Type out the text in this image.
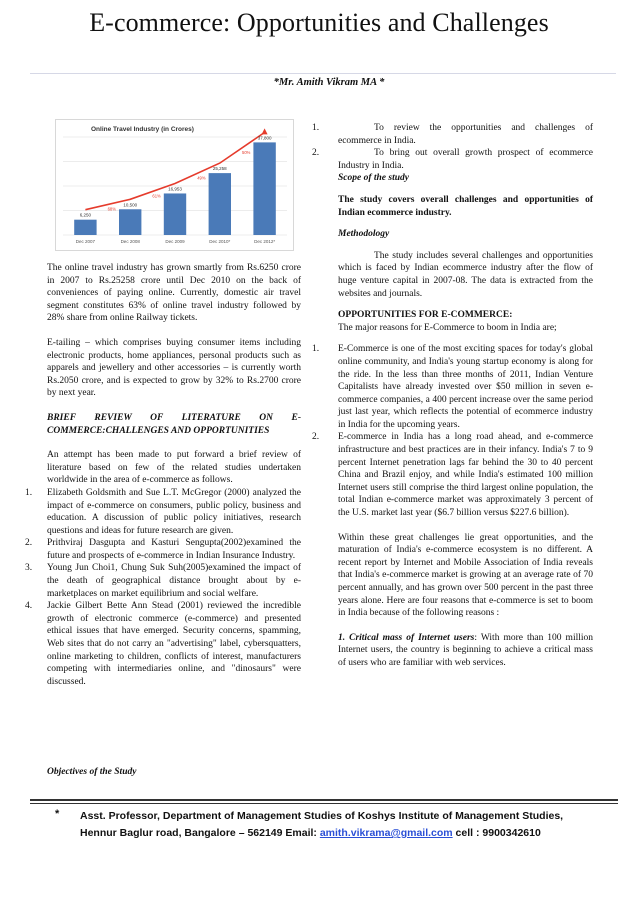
E-commerce: Opportunities and Challenges
*Mr. Amith Vikram MA *
Online Travel Industry (in Crores)
6,250
Dec 2007
10,500
Dec 2008
16,953
Dec 2009
25,258
Dec 2010*
37,800
Dec 2012*
68%
61%
49%
50%

The online travel industry has grown smartly from Rs.6250 crore in 2007 to Rs.25258 crore until Dec 2010 on the back of conveniences of paying online. Currently, domestic air travel segment constitutes 63% of online travel industry followed by 28% share from online Railway tickets.

E-tailing – which comprises buying consumer items including electronic products, home appliances, personal products such as apparels and jewellery and other accessories – is currently worth Rs.2050 crore, and is expected to grow by 32% to Rs.2700 crore by next year.

BRIEF REVIEW OF LITERATURE ON E-COMMERCE:CHALLENGES AND OPPORTUNITIES

An attempt has been made to put forward a brief review of literature based on few of the related studies undertaken worldwide in the area of e-commerce as follows.

1. Elizabeth Goldsmith and Sue L.T. McGregor (2000) analyzed the impact of e-commerce on consumers, public policy, business and education. A discussion of public policy initiatives, research questions and ideas for future research are given.
2. Prithviraj Dasgupta and Kasturi Sengupta(2002)examined the future and prospects of e-commerce in Indian Insurance Industry.
3. Young Jun Choi1, Chung Suk Suh(2005)examined the impact of the death of geographical distance brought about by e-marketplaces on market equilibrium and social welfare.
4. Jackie Gilbert Bette Ann Stead (2001) reviewed the incredible growth of electronic commerce (e-commerce) and presented ethical issues that have emerged. Security concerns, spamming, Web sites that do not carry an "advertising" label, cybersquatters, online marketing to children, conflicts of interest, manufacturers competing with intermediaries online, and "dinosaurs" were discussed.
Objectives of the Study
1.	To review the opportunities and challenges of ecommerce in India.
2.	To bring out overall growth prospect of ecommerce Industry in India.

Scope of the study

The study covers overall challenges and opportunities of Indian ecommerce industry.

Methodology

The study includes several challenges and opportunities which is faced by Indian ecommerce industry after the flow of huge venture capital in 2007-08. The data is extracted from the websites and journals.

OPPORTUNITIES FOR E-COMMERCE:

The major reasons for E-Commerce to boom in India are;

1. E-Commerce is one of the most exciting spaces for today's global online community, and India's young startup economy is along for the ride. In the less than three months of 2011, Indian Venture Capitalists have already invested over $50 million in seven e-commerce companies, a 400 percent increase over the same period just last year, which reflects the potential of ecommerce industry in India for the upcoming years.
2. E-commerce in India has a long road ahead, and e-commerce infrastructure and best practices are in their infancy. India's 7 to 9 percent Internet penetration lags far behind the 30 to 40 percent China and Brazil enjoy, and while India's estimated 100 million Internet users still comprise the third largest online population, the total Indian e-commerce market was approximately 3 percent of the U.S. market last year ($6.7 billion versus $227.6 billion).

Within these great challenges lie great opportunities, and the maturation of India's e-commerce ecosystem is no different. A recent report by Internet and Mobile Association of India reveals that India's e-commerce market is growing at an average rate of 70 percent annually, and has grown over 500 percent in the past three years alone. Here are four reasons that e-commerce is set to boom in India because of the following reasons :

1. Critical mass of Internet users: With more than 100 million Internet users, the country is beginning to achieve a critical mass of users who are familiar with web services.

* Asst. Professor, Department of Management Studies of Koshys Institute of Management Studies,
Hennur Baglur road, Bangalore – 562149 Email: amith.vikrama@gmail.com cell : 9900342610
